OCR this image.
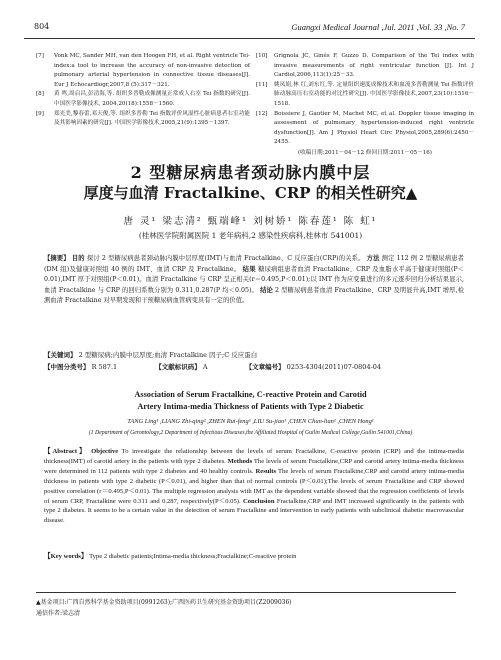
804	Guangxi Medical Journal ,Jul. 2011 ,Vol. 33 ,No. 7
[7]	Vonk MC, Sander MH, van den Hoogen FH, et al. Right ventricle Tei-index:a tool to increase the accuracy of non-invasive detection of pulmonary arterial hypertension in connective tissue diseases[J]. Eur J Echocardiogr,2007,8 (5):317－321.
[8]	黄 鸣,周启昌,彭清海,等. 组织多普勒成像测量正常成人右室 Tei 指数的研究[J]. 中国医学影像技术, 2004,20(18):1558－1560.
[9]	郑光美,黎春蕾,邓天俊,等. 组织多普勒 Tei 指数评价风湿性心脏病患者右室功能及其影响因素的研究[J]. 中国医学影像技术,2005,21(9):1395－1397.
[10]	Grignola JC, Ginés F, Guzzo D. Comparison of the Tei index with invasive measurements of right ventricular function [J]. Int J Cardiol,2006,113(1):25－33.
[11]	姚凤娟,林 红,刘东红,等. 定量组织速度成像技术和血流多普勒测量 Tei 指数评价肺动脉高压右室功能的对比性研究[J]. 中国医学影像技术,2007,23(10):1516－1518.
[12]	Boissiere J, Gautier M, Machet MC, et al. Doppler tissue imaging in assessment of pulmonary hypertension-induced right ventricle dysfunction[J]. Am J Physiol Heart Circ Physiol,2005,289(6):2450－2455.
(收稿日期:2011－04－12 修回日期:2011－05－16)
2 型糖尿病患者颈动脉内膜中层
厚度与血清 Fractalkine、CRP 的相关性研究▲
唐 灵¹ 梁志清² 甄端峰¹ 刘树娇¹ 陈春莲¹ 陈 虹¹
(桂林医学院附属医院 1 老年病科,2 感染性疾病科,桂林市 541001)
【摘要】 目的 探讨 2 型糖尿病患者颈动脉内膜中层厚度(IMT)与血清 Fractalkine、C 反应蛋白(CRP)的关系。 方法 测定 112 例 2 型糖尿病患者(DM 组)及健康对照组 40 例的 IMT、血清 CRP 及 Fractalkine。 结果 糖尿病组患者血清 Fractalkine、CRP 及血脂水平高于健康对照组(P＜0.01),IMT 厚于对照组(P＜0.01)。血清 Fractalkine 与 CRP 呈正相关(r＝0.495,P＜0.01);以 IMT 作为应变量进行的多元逐步回归分析结果显示,血清 Fractalkine 与 CRP 的回归系数分别为 0.311,0.287(P 均＜0.05)。 结论 2 型糖尿病患者血清 Fractalkine、CRP 及明显升高,IMT 增厚,检测血清 Fractalkine 对早期发现和干预糖尿病血管病变具有一定的价值。
【关键词】 2 型糖尿病;内膜中层厚度;血清 Fractalkine 因子;C 反应蛋白
【中图分类号】 R 587.1	【文献标识码】 A	【文章编号】 0253-4304(2011)07-0804-04
Association of Serum Fractalkine, C-reactive Protein and Carotid
Artery Intima-media Thickness of Patients with Type 2 Diabetic
TANG Ling¹ ,LIANG Zhi-qing² ,ZHEN Rui-feng¹ ,LIU Su-jiao¹ ,CHEN Chun-lian¹ ,CHEN Hong¹
(1 Department of Gerontology,2 Department of Infectious Diseases,the Affiliated Hospital of Guilin Medical College,Guilin 541001,China)
【Abstract】 Objective To investigate the relationship between the levels of serum Fractalkine, C-reactive protein (CRP) and the intima-media thickness(IMT) of carotid artery in the patients with type 2 diabetes. Methods The levels of serum Fractalkine,CRP and carotid artery intima-media thickness were determined in 112 patients with type 2 diabetes and 40 healthy controls. Results The levels of serum Fractalkine,CRP and carotid artery intima-media thickness in patients with type 2 diabetic (P＜0.01), and higher than that of normal controls (P＜0.01);The levels of serum Fractalkine and CRP showed positive correlation (r＝0.495,P＜0.01). The multiple regression analysis with IMT as the dependent variable showed that the regression coefficients of levels of serum CRP, Fractalkine were 0.311 and 0.287, respectively(P＜0.05). Conclusion Fractalkine,CRP and IMT increased significantly in the patients with type 2 diabetes. It seems to be a certain value in the detection of serum Fractalkine and intervention in early patients with subclinical diabetic macrovascular disease.
【Key words】 Type 2 diabetic patients;Intima-media thickness;Fractalkine;C-reactive protein
▲基金项目:广西自然科学基金资助项目(0991263);广西医药卫生研究基金资助项目(Z2009036)
通信作者:梁志清
